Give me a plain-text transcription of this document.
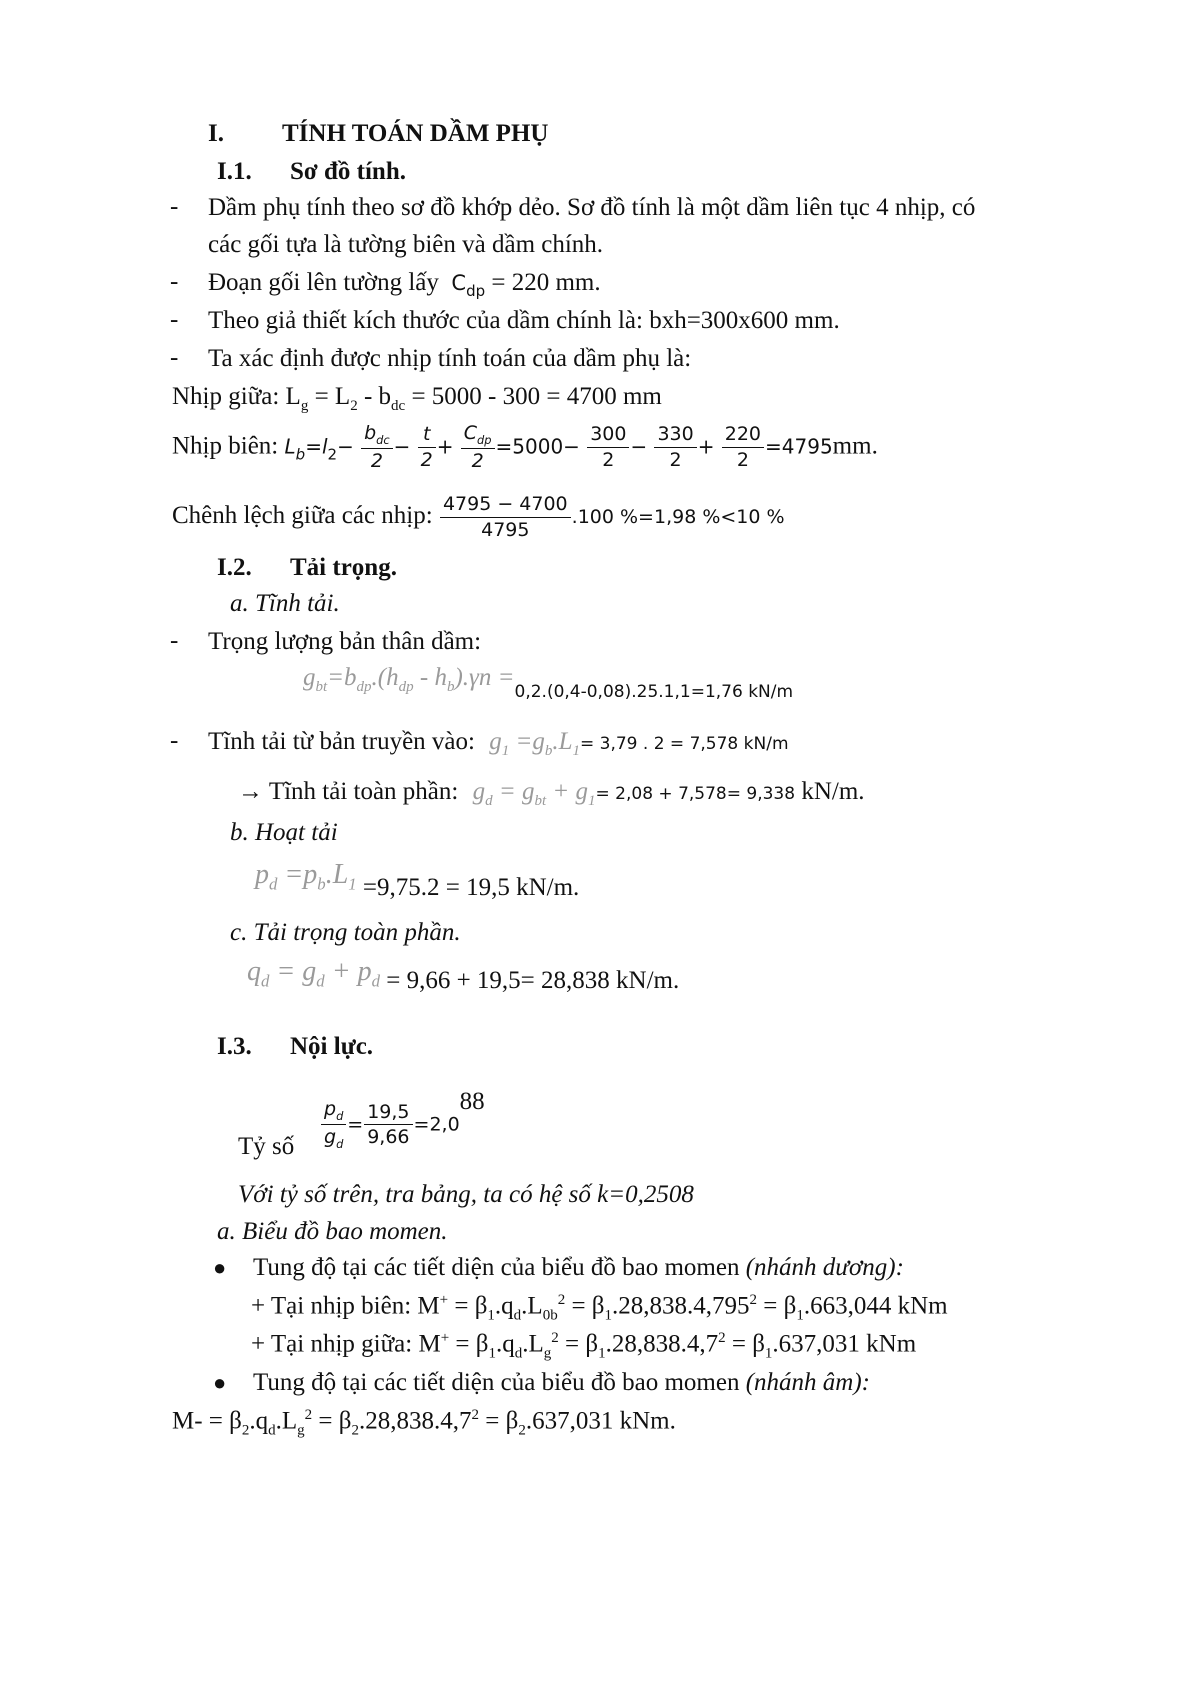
I. TÍNH TOÁN DẦM PHỤ
I.1. Sơ đồ tính.
- Dầm phụ tính theo sơ đồ khớp dẻo. Sơ đồ tính là một dầm liên tục 4 nhịp, có
các gối tựa là tường biên và dầm chính.
- Đoạn gối lên tường lấy $C_{dp} = 220$ mm.
- Theo giả thiết kích thước của dầm chính là: bxh=300x600 mm.
- Ta xác định được nhịp tính toán của dầm phụ là:
Nhịp giữa: $L_g = L_2 - b_{dc} = 5000 - 300 = 4700$ mm
Nhịp biên: $L_b=l_2- \frac{b_{dc}}{2} - \frac{t}{2} + \frac{C_{dp}}{2} =5000- \frac{300}{2} - \frac{330}{2} + \frac{220}{2} =4795mm$.
Chênh lệch giữa các nhịp: $\frac{4795 - 4700}{4795} .100$ %=1,98 %<10 %
I.2. Tải trọng.
a. Tĩnh tải.
- Trọng lượng bản thân dầm:
$g_{bt}=b_{dp}.(h_{dp} - h_b).\gamma n =_{0,2.(0,4-0,08).25.1,1=1,76 kN/m}$
- Tĩnh tải từ bản truyền vào: $g_1 =g_b.L_1= 3,79$ . 2 = 7,578 kN/m
→ Tĩnh tải toàn phần: $g_d = g_{bt} + g_1= 2,08 + 7,578= 9,338$ kN/m.
b. Hoạt tải
$p_d =p_b.L_1 =9,75.2 = 19,5$ kN/m.
c. Tải trọng toàn phần.
$q_d = g_d + p_d = 9,66 + 19,5= 28,838$ kN/m.
I.3. Nội lực.
Tỷ số $\frac{p_d}{g_d} = \frac{19,5}{9,66} =2,088$
Với tỷ số trên, tra bảng, ta có hệ số k=0,2508
a. Biểu đồ bao momen.
● Tung độ tại các tiết diện của biểu đồ bao momen (nhánh dương):
+ Tại nhịp biên: $M^+ = \beta_1.q_d.L_{0b}^2 = \beta_1.28,838.4,795^2 = \beta_1.663,044$ kNm
+ Tại nhịp giữa: $M^+ = \beta_1.q_d.L_g^2 = \beta_1.28,838.4,7^2 = \beta_1.637,031$ kNm
● Tung độ tại các tiết diện của biểu đồ bao momen (nhánh âm):
$M- = \beta_2.q_d.L_g^2 = \beta_2.28,838.4,7^2 = \beta_2.637,031$ kNm.
